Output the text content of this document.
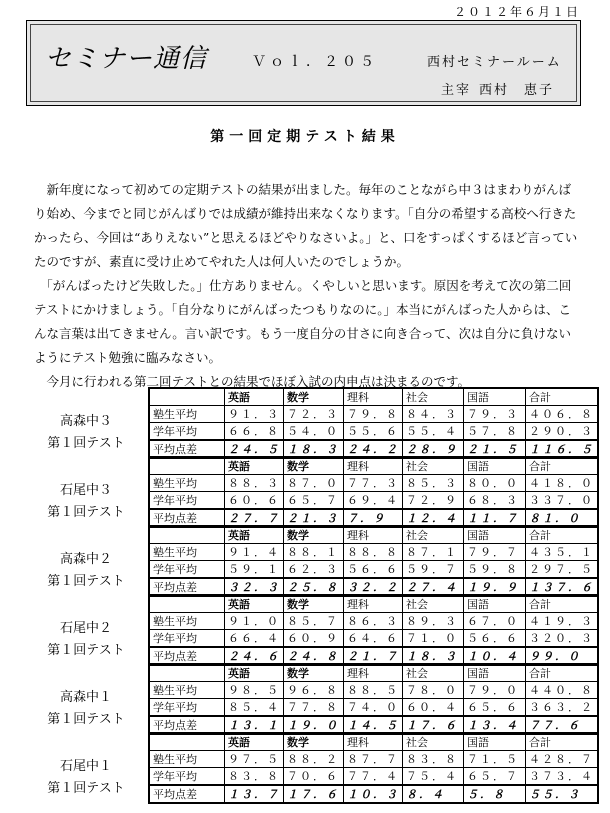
２０１２年６月１日
セミナー通信	Ｖｏｌ．２０５	西村セミナールーム
主宰 西村　恵子
第一回定期テスト結果

　新年度になって初めての定期テストの結果が出ました。毎年のことながら中３はまわりがんばり始め、今までと同じがんばりでは成績が維持出来なくなります。「自分の希望する高校へ行きたかったら、今回は“ありえない”と思えるほどやりなさいよ。」と、口をすっぱくするほど言っていたのですが、素直に受け止めてやれた人は何人いたのでしょうか。

　「がんばったけど失敗した。」仕方ありません。くやしいと思います。原因を考えて次の第二回テストにかけましょう。「自分なりにがんばったつもりなのに。」本当にがんばった人からは、こんな言葉は出てきません。言い訳です。もう一度自分の甘さに向き合って、次は自分に負けないようにテスト勉強に臨みなさい。

　今月に行われる第二回テストとの結果でほぼ入試の内申点は決まるのです。

高森中３
第１回テスト
	英語	数学	理科	社会	国語	合計
塾生平均	９１．３	７２．３	７９．８	８４．３	７９．３	４０６．８
学年平均	６６．８	５４．０	５５．６	５５．４	５７．８	２９０．３
平均点差	２４．５	１８．３	２４．２	２８．９	２１．５	１１６．５
石尾中３
第１回テスト
	英語	数学	理科	社会	国語	合計
塾生平均	８８．３	８７．０	７７．３	８５．３	８０．０	４１８．０
学年平均	６０．６	６５．７	６９．４	７２．９	６８．３	３３７．０
平均点差	２７．７	２１．３	７．９	１２．４	１１．７	８１．０
高森中２
第１回テスト
	英語	数学	理科	社会	国語	合計
塾生平均	９１．４	８８．１	８８．８	８７．１	７９．７	４３５．１
学年平均	５９．１	６２．３	５６．６	５９．７	５９．８	２９７．５
平均点差	３２．３	２５．８	３２．２	２７．４	１９．９	１３７．６
石尾中２
第１回テスト
	英語	数学	理科	社会	国語	合計
塾生平均	９１．０	８５．７	８６．３	８９．３	６７．０	４１９．３
学年平均	６６．４	６０．９	６４．６	７１．０	５６．６	３２０．３
平均点差	２４．６	２４．８	２１．７	１８．３	１０．４	９９．０
高森中１
第１回テスト
	英語	数学	理科	社会	国語	合計
塾生平均	９８．５	９６．８	８８．５	７８．０	７９．０	４４０．８
学年平均	８５．４	７７．８	７４．０	６０．４	６５．６	３６３．２
平均点差	１３．１	１９．０	１４．５	１７．６	１３．４	７７．６
石尾中１
第１回テスト
	英語	数学	理科	社会	国語	合計
塾生平均	９７．５	８８．２	８７．７	８３．８	７１．５	４２８．７
学年平均	８３．８	７０．６	７７．４	７５．４	６５．７	３７３．４
平均点差	１３．７	１７．６	１０．３	８．４	５．８	５５．３
